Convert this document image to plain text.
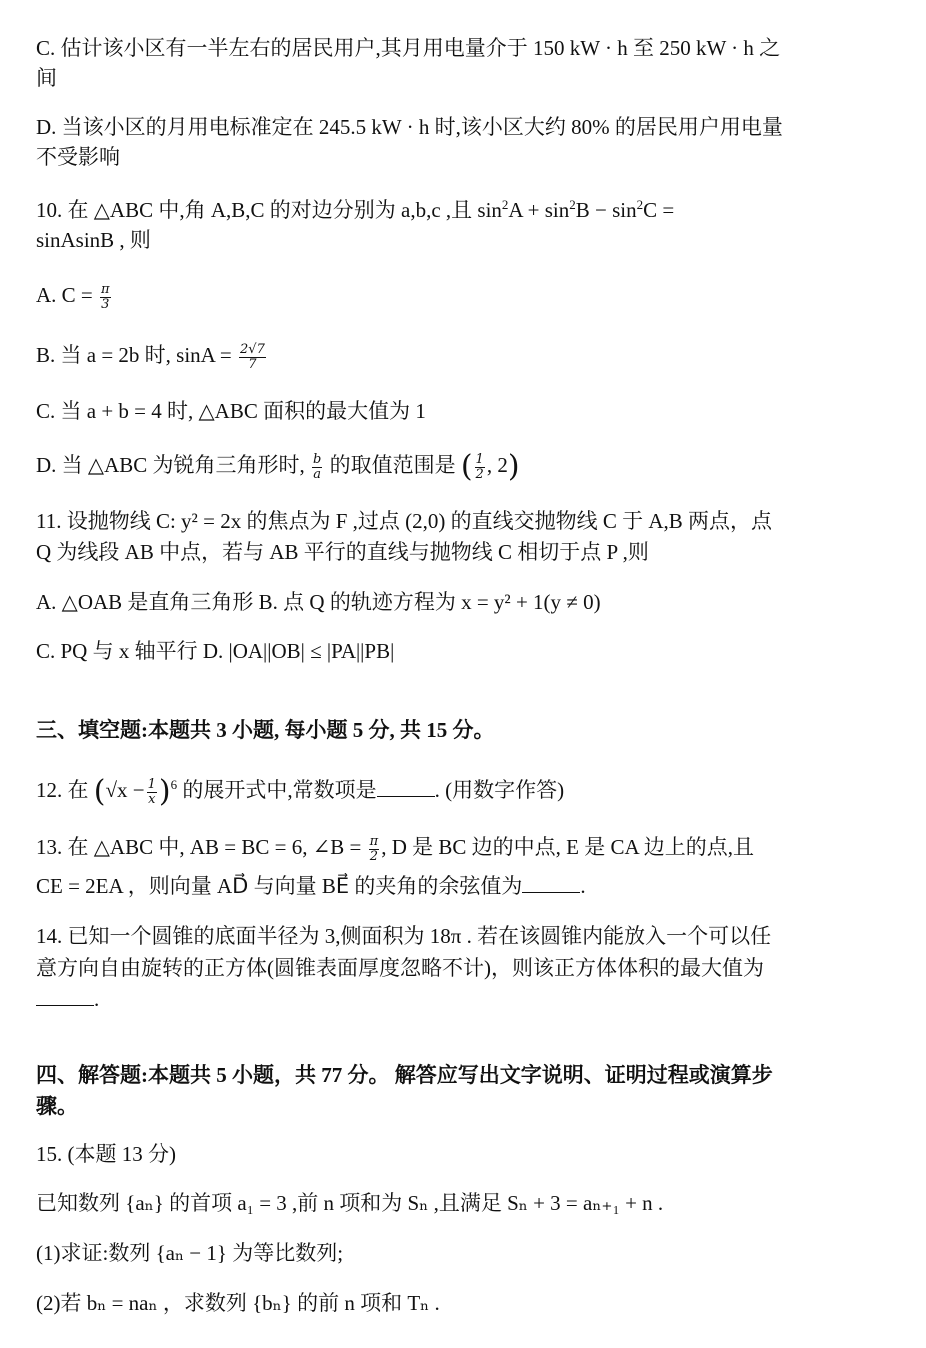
C. 估计该小区有一半左右的居民用户,其月用电量介于 150 kW · h 至 250 kW · h 之
间
D. 当该小区的月用电标准定在 245.5 kW · h 时,该小区大约 80% 的居民用户用电量
不受影响
10. 在 △ABC 中,角 A,B,C 的对边分别为 a,b,c ,且 $\sin^2A + \sin^2B - \sin^2C$ =
sinAsinB , 则
A. $C = \frac{\pi}{3}$
B. 当 a = 2b 时, $\sin A = \frac{2√7}{7}$
C. 当 a + b = 4 时, △ABC 面积的最大值为 1
D. 当 △ABC 为锐角三角形时, $\frac{b}{a}$ 的取值范围是 ( $\frac{1}{2}$ , 2)
11. 设抛物线 C: y² = 2x 的焦点为 F ,过点 (2,0) 的直线交抛物线 C 于 A,B 两点，点
Q 为线段 AB 中点，若与 AB 平行的直线与抛物线 C 相切于点 P ,则
A. △OAB 是直角三角形 B. 点 Q 的轨迹方程为 x = y² + 1(y ≠ 0)
C. PQ 与 x 轴平行 D. |OA||OB| ≤ |PA||PB|
三、填空题:本题共 3 小题, 每小题 5 分, 共 15 分。
12. 在 $(√x - \frac{1}{x} )^6$ 的展开式中,常数项是	. (用数字作答)
13. 在 △ABC 中, AB = BC = 6, ∠B = $\frac{\pi}{2}$ , D 是 BC 边的中点, E 是 CA 边上的点,且
CE = 2EA ，则向量 AD⃗ 与向量 BE⃗ 的夹角的余弦值为	.
14. 已知一个圆锥的底面半径为 3,侧面积为 18π . 若在该圆锥内能放入一个可以任
意方向自由旋转的正方体(圆锥表面厚度忽略不计)，则该正方体体积的最大值为
.
四、解答题:本题共 5 小题，共 77 分。 解答应写出文字说明、证明过程或演算步
骤。
15. (本题 13 分)
已知数列 {aₙ} 的首项 a₁ = 3 ,前 n 项和为 Sₙ ,且满足 Sₙ + 3 = aₙ₊₁ + n .
(1)求证:数列 {aₙ − 1} 为等比数列;
(2)若 bₙ = naₙ ，求数列 {bₙ} 的前 n 项和 Tₙ .
